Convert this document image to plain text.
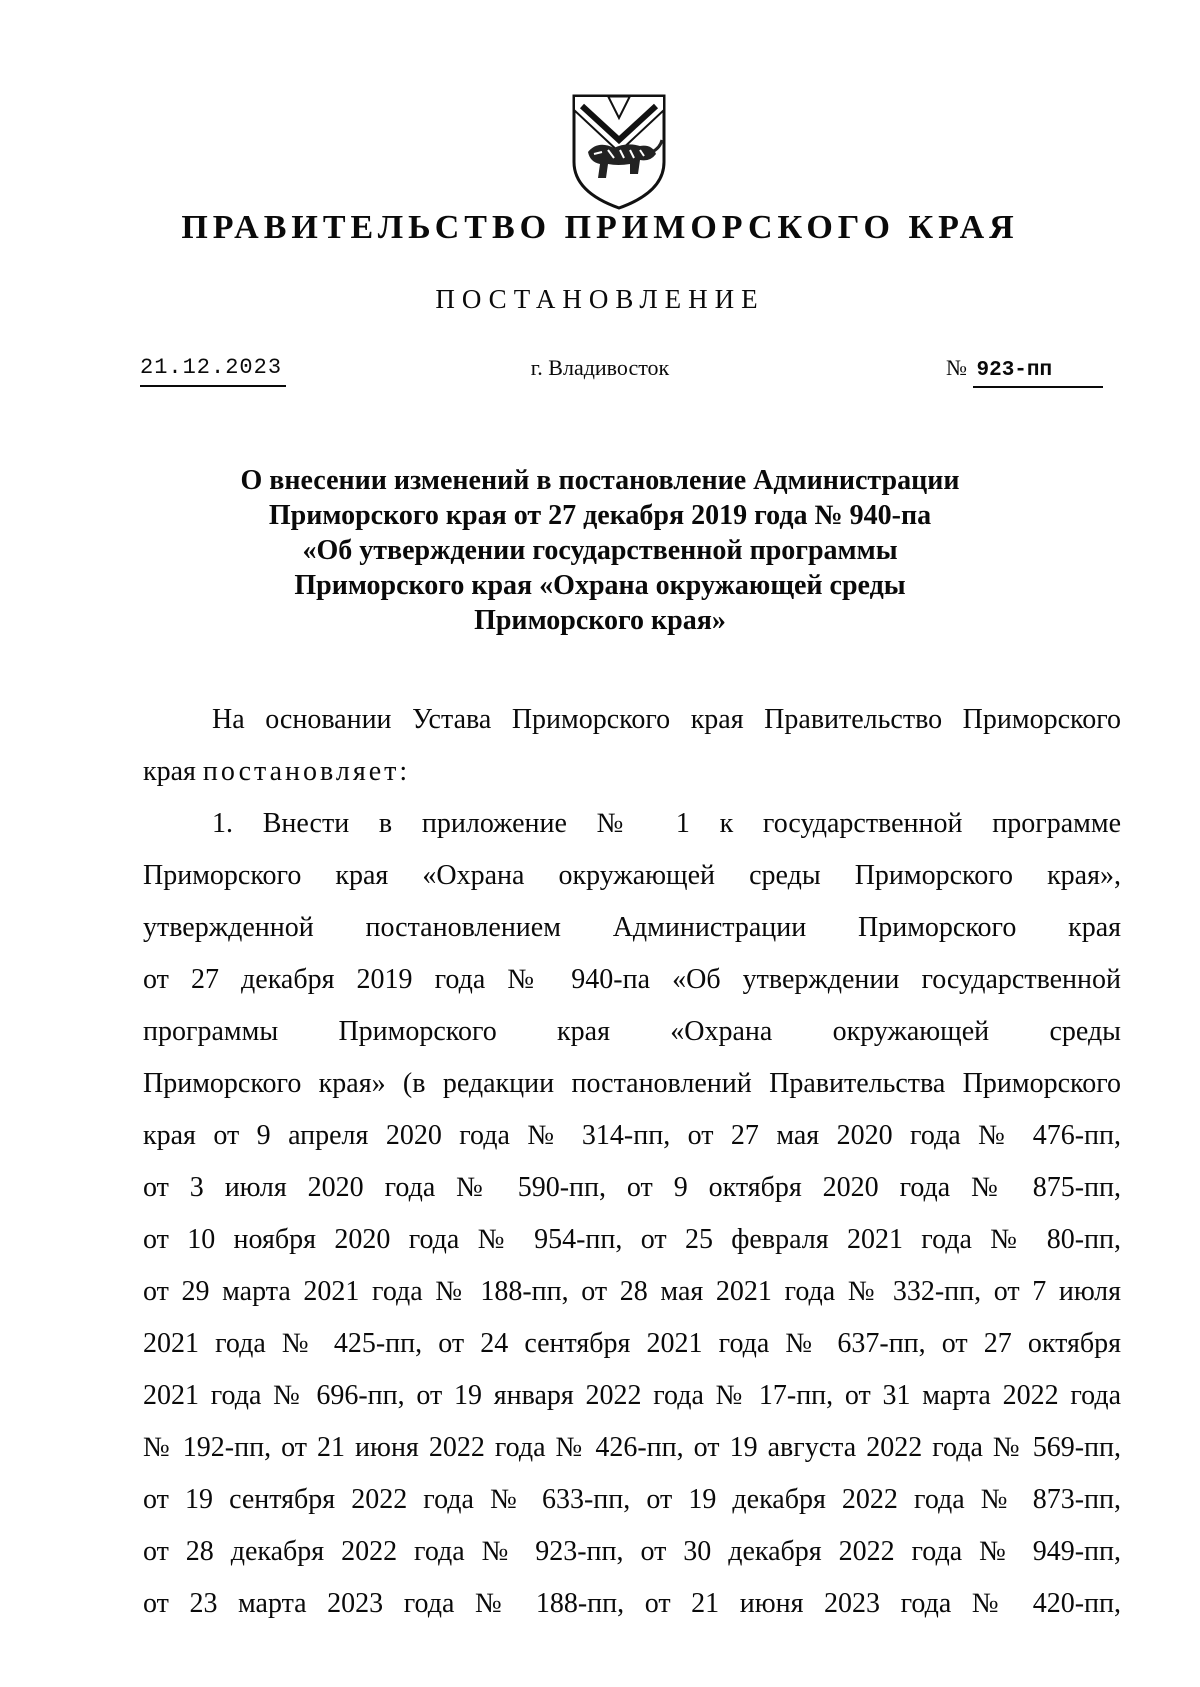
ПРАВИТЕЛЬСТВО ПРИМОРСКОГО КРАЯ
ПОСТАНОВЛЕНИЕ
21.12.2023	г. Владивосток	№ 923-пп
О внесении изменений в постановление Администрации
Приморского края от 27 декабря 2019 года № 940-па
«Об утверждении государственной программы
Приморского края «Охрана окружающей среды
Приморского края»
На основании Устава Приморского края Правительство Приморского
края постановляет:
1. Внести в приложение № 1 к государственной программе
Приморского края «Охрана окружающей среды Приморского края»,
утвержденной постановлением Администрации Приморского края
от 27 декабря 2019 года № 940-па «Об утверждении государственной
программы Приморского края «Охрана окружающей среды
Приморского края» (в редакции постановлений Правительства Приморского
края от 9 апреля 2020 года № 314-пп, от 27 мая 2020 года № 476-пп,
от 3 июля 2020 года № 590-пп, от 9 октября 2020 года № 875-пп,
от 10 ноября 2020 года № 954-пп, от 25 февраля 2021 года № 80-пп,
от 29 марта 2021 года № 188-пп, от 28 мая 2021 года № 332-пп, от 7 июля
2021 года № 425-пп, от 24 сентября 2021 года № 637-пп, от 27 октября
2021 года № 696-пп, от 19 января 2022 года № 17-пп, от 31 марта 2022 года
№ 192-пп, от 21 июня 2022 года № 426-пп, от 19 августа 2022 года № 569-пп,
от 19 сентября 2022 года № 633-пп, от 19 декабря 2022 года № 873-пп,
от 28 декабря 2022 года № 923-пп, от 30 декабря 2022 года № 949-пп,
от 23 марта 2023 года № 188-пп, от 21 июня 2023 года № 420-пп,
